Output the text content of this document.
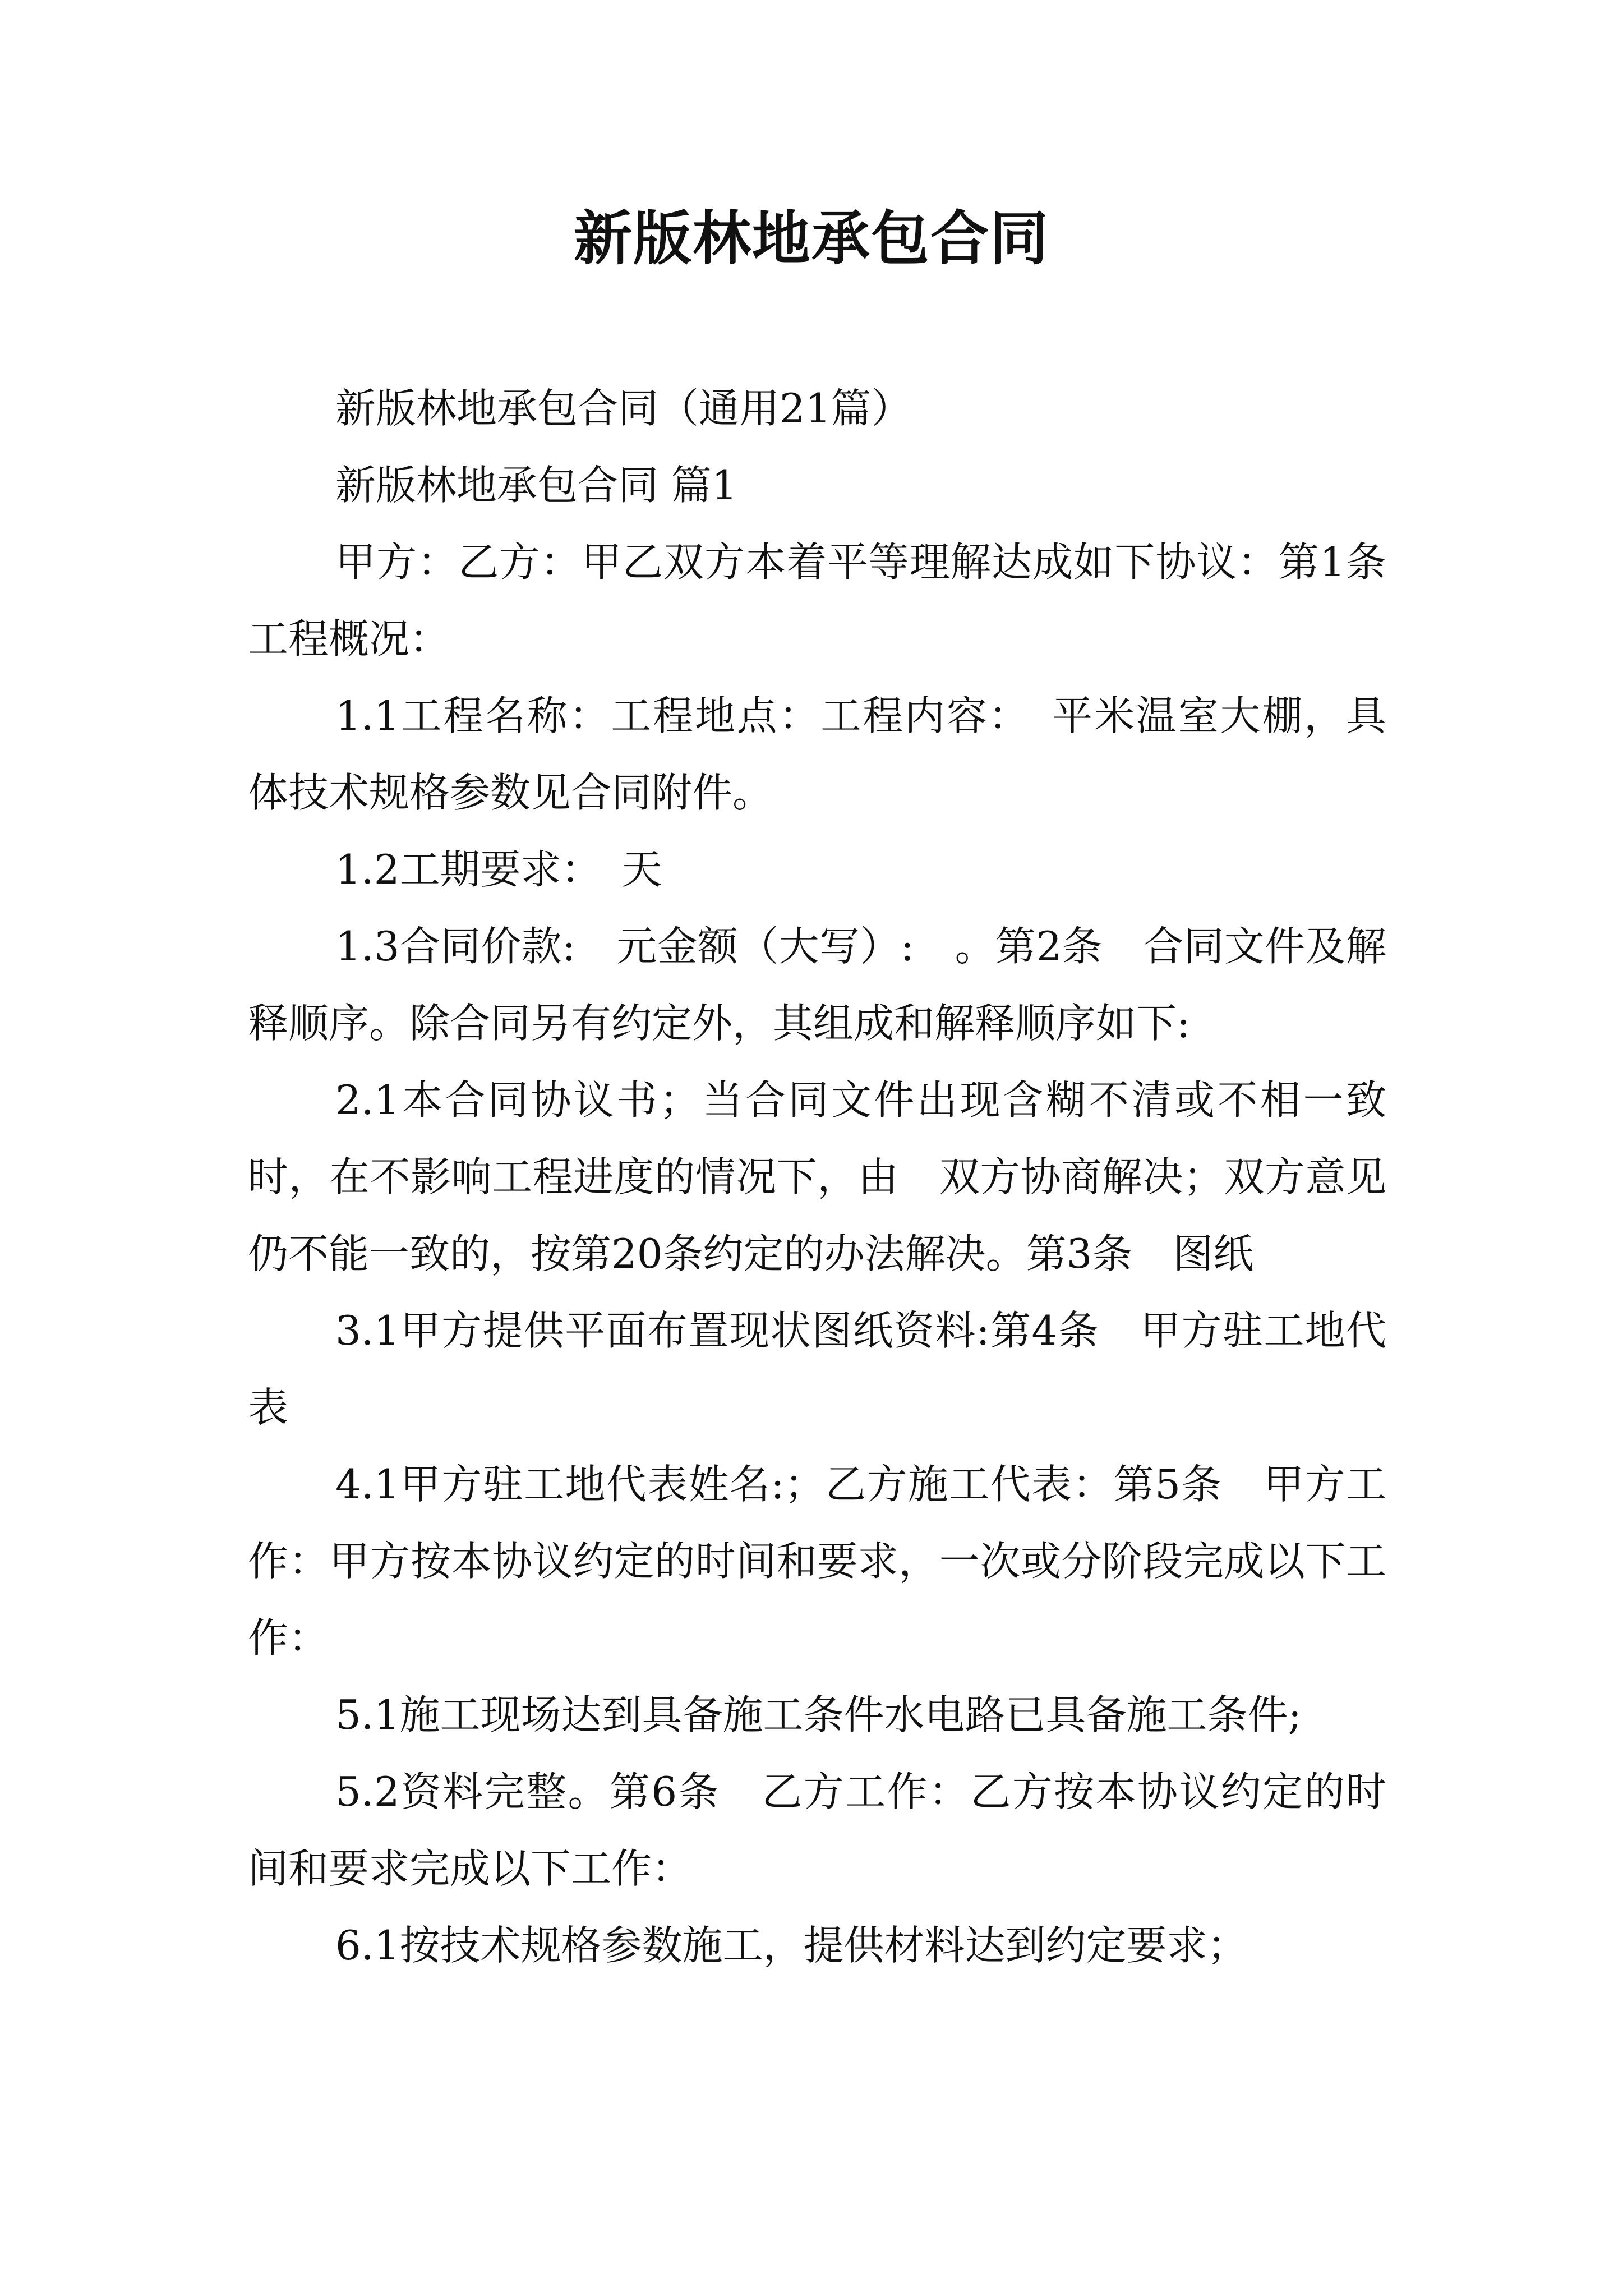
新版林地承包合同

新版林地承包合同（通用21篇）

新版林地承包合同 篇1

甲方：乙方：甲乙双方本着平等理解达成如下协议：第1条　工程概况：

1.1工程名称：工程地点：工程内容：　平米温室大棚，具体技术规格参数见合同附件。

1.2工期要求：　天

1.3合同价款:　元金额（大写）:　。第2条　合同文件及解释顺序。除合同另有约定外，其组成和解释顺序如下:

2.1本合同协议书；当合同文件出现含糊不清或不相一致时，在不影响工程进度的情况下，由　双方协商解决；双方意见仍不能一致的，按第20条约定的办法解决。第3条　图纸

3.1甲方提供平面布置现状图纸资料:第4条　甲方驻工地代表

4.1甲方驻工地代表姓名:；乙方施工代表：第5条　甲方工作：甲方按本协议约定的时间和要求，一次或分阶段完成以下工作：

5.1施工现场达到具备施工条件水电路已具备施工条件;

5.2资料完整。第6条　乙方工作：乙方按本协议约定的时间和要求完成以下工作：

6.1按技术规格参数施工，提供材料达到约定要求；
